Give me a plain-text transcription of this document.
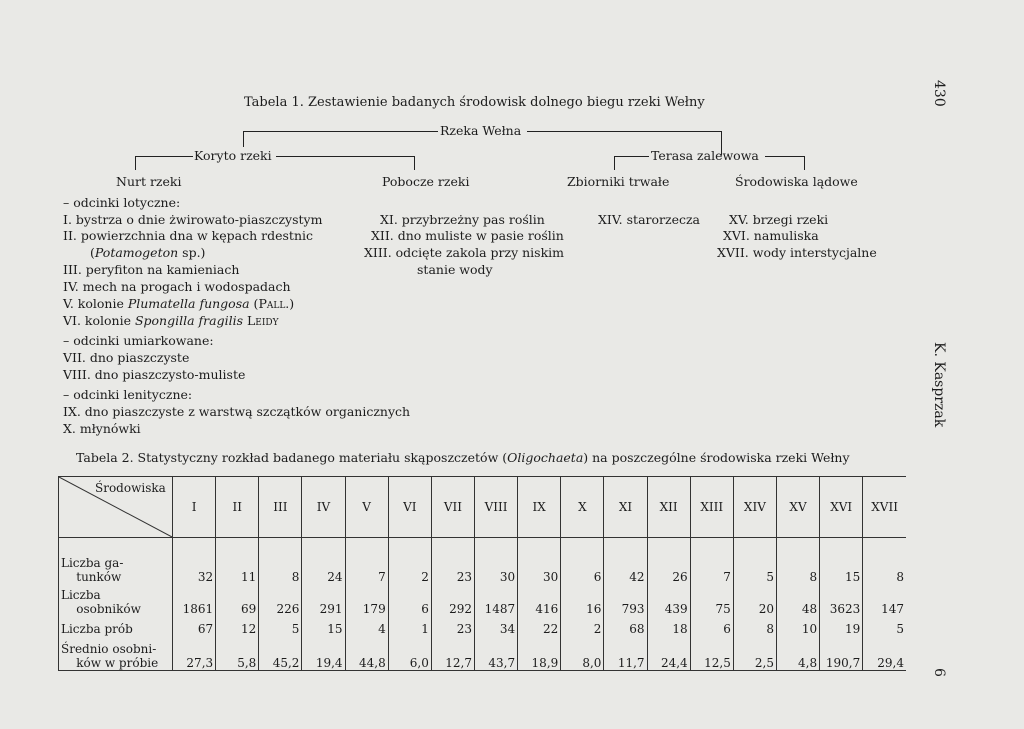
430
K. Kasprzak
6
Tabela 1. Zestawienie badanych środowisk dolnego biegu rzeki Wełny
Rzeka Wełna
Koryto rzeki	Terasa zalewowa
Nurt rzeki	Pobocze rzeki	Zbiorniki trwałe	Środowiska lądowe
– odcinki lotyczne:
I. bystrza o dnie żwirowato-piaszczystym
II. powierzchnia dna w kępach rdestnic
(Potamogeton sp.)
III. peryfiton na kamieniach
IV. mech na progach i wodospadach
V. kolonie Plumatella fungosa (Pall.)
VI. kolonie Spongilla fragilis Leidy
– odcinki umiarkowane:
VII. dno piaszczyste
VIII. dno piaszczysto-muliste
– odcinki lenityczne:
IX. dno piaszczyste z warstwą szczątków organicznych
X. młynówki
XI. przybrzeżny pas roślin
XII. dno muliste w pasie roślin
XIII. odcięte zakola przy niskim
stanie wody
XIV. starorzecza XV. brzegi rzeki
XVI. namuliska
XVII. wody interstycjalne
Tabela 2. Statystyczny rozkład badanego materiału skąposzczetów (Oligochaeta) na poszczególne środowiska rzeki Wełny
Środowiska	I	II	III	IV	V	VI	VII	VIII	IX	X	XI	XII	XIII	XIV	XV	XVI	XVII

Liczba ga-
tunków	32	11	8	24	7	2	23	30	30	6	42	26	7	5	8	15	8

Liczba
osobników	1861	69	226	291	179	6	292	1487	416	16	793	439	75	20	48	3623	147
Liczba prób	67	12	5	15	4	1	23	34	22	2	68	18	6	8	10	19	5

Średnio osobni-
ków w próbie	27,3	5,8	45,2	19,4	44,8	6,0	12,7	43,7	18,9	8,0	11,7	24,4	12,5	2,5	4,8	190,7	29,4
